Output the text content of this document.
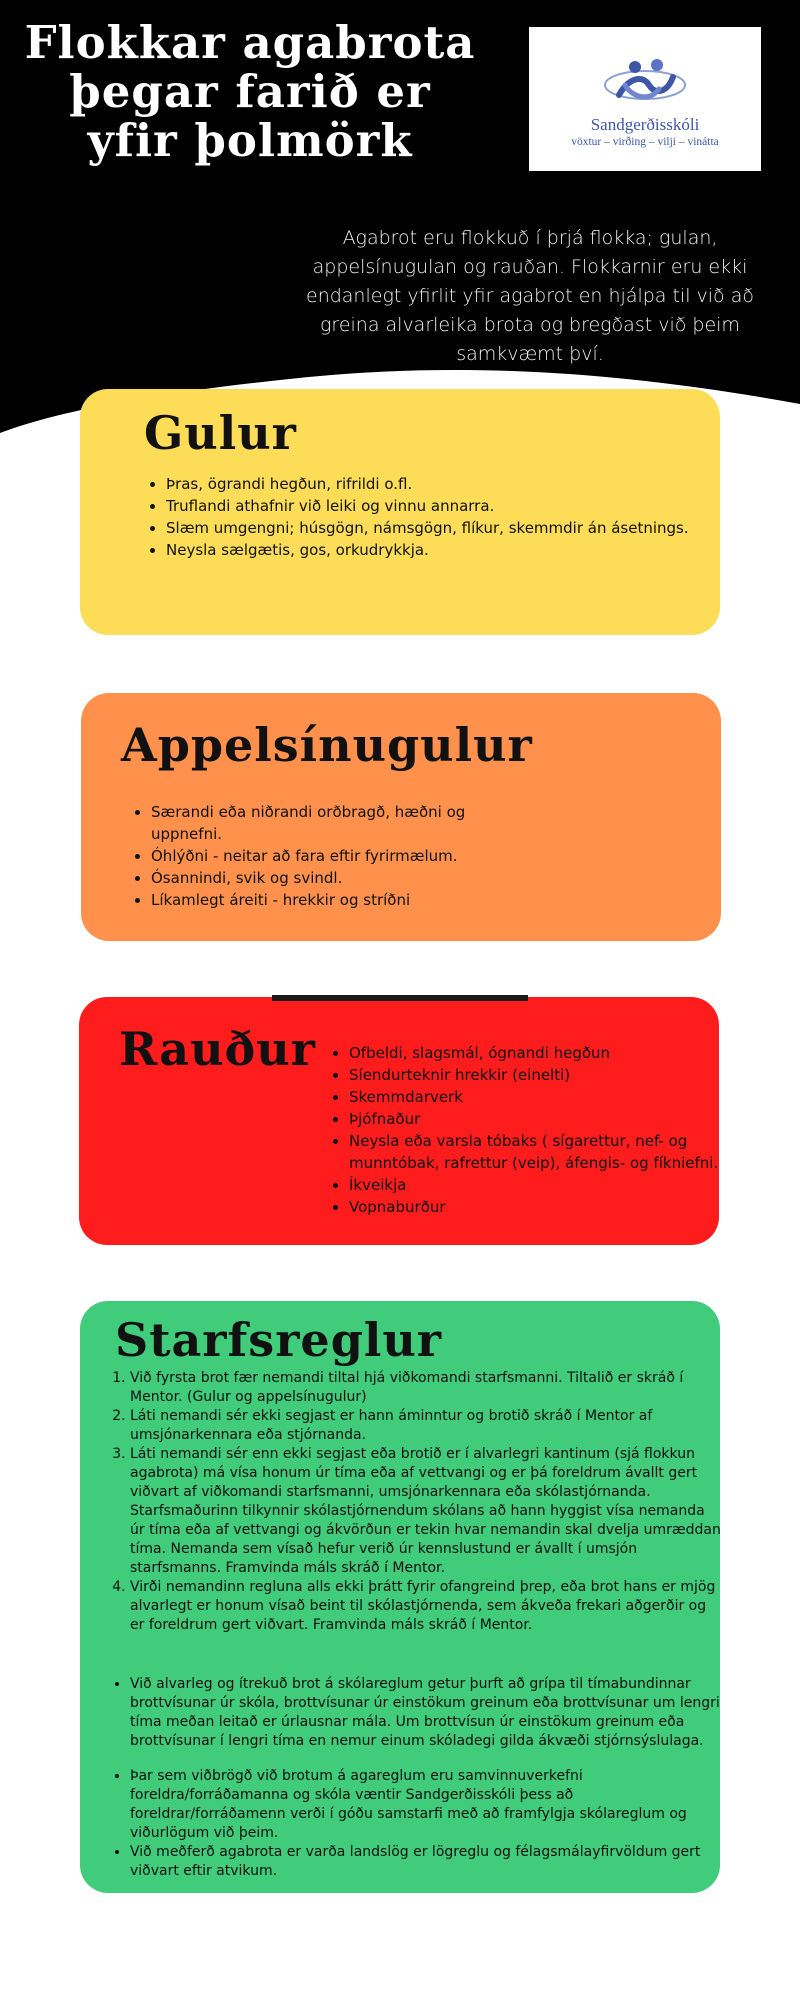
Flokkar agabrota þegar farið er yfir þolmörk	Sandgerðisskóli
vöxtur – virðing – vilji – vinátta

Agabrot eru flokkuð í þrjá flokka; gulan, appelsínugulan og rauðan. Flokkarnir eru ekki endanlegt yfirlit yfir agabrot en hjálpa til við að greina alvarleika brota og bregðast við þeim samkvæmt því.

Gulur
• Þras, ögrandi hegðun, rifrildi o.fl.
• Truflandi athafnir við leiki og vinnu annarra.
• Slæm umgengni; húsgögn, námsgögn, flíkur, skemmdir án ásetnings.
• Neysla sælgætis, gos, orkudrykkja.
Appelsínugulur
• Særandi eða niðrandi orðbragð, hæðni og uppnefni.
• Óhlýðni - neitar að fara eftir fyrirmælum.
• Ósannindi, svik og svindl.
• Líkamlegt áreiti - hrekkir og stríðni
Rauður
• Ofbeldi, slagsmál, ógnandi hegðun
• Síendurteknir hrekkir (einelti)
• Skemmdarverk
• Þjófnaður
• Neysla eða varsla tóbaks ( sígarettur, nef- og munntóbak, rafrettur (veip), áfengis- og fíkniefni.
• Íkveikja
• Vopnaburður
Starfsreglur
1. Við fyrsta brot fær nemandi tiltal hjá viðkomandi starfsmanni. Tiltalið er skráð í Mentor. (Gulur og appelsínugulur)
2. Láti nemandi sér ekki segjast er hann áminntur og brotið skráð í Mentor af umsjónarkennara eða stjórnanda.
3. Láti nemandi sér enn ekki segjast eða brotið er í alvarlegri kantinum (sjá flokkun agabrota) má vísa honum úr tíma eða af vettvangi og er þá foreldrum ávallt gert viðvart af viðkomandi starfsmanni, umsjónarkennara eða skólastjórnanda. Starfsmaðurinn tilkynnir skólastjórnendum skólans að hann hyggist vísa nemanda úr tíma eða af vettvangi og ákvörðun er tekin hvar nemandin skal dvelja umræddan tíma. Nemanda sem vísað hefur verið úr kennslustund er ávallt í umsjón starfsmanns. Framvinda máls skráð í Mentor.
4. Virði nemandinn regluna alls ekki þrátt fyrir ofangreind þrep, eða brot hans er mjög alvarlegt er honum vísað beint til skólastjórnenda, sem ákveða frekari aðgerðir og er foreldrum gert viðvart. Framvinda máls skráð í Mentor.
• Við alvarleg og ítrekuð brot á skólareglum getur þurft að grípa til tímabundinnar brottvísunar úr skóla, brottvísunar úr einstökum greinum eða brottvísunar um lengri tíma meðan leitað er úrlausnar mála. Um brottvísun úr einstökum greinum eða brottvísunar í lengri tíma en nemur einum skóladegi gilda ákvæði stjórnsýslulaga.
• Þar sem viðbrögð við brotum á agareglum eru samvinnuverkefni foreldra/forráðamanna og skóla væntir Sandgerðisskóli þess að foreldrar/forráðamenn verði í góðu samstarfi með að framfylgja skólareglum og viðurlögum við þeim.
• Við meðferð agabrota er varða landslög er lögreglu og félagsmálayfirvöldum gert viðvart eftir atvikum.
